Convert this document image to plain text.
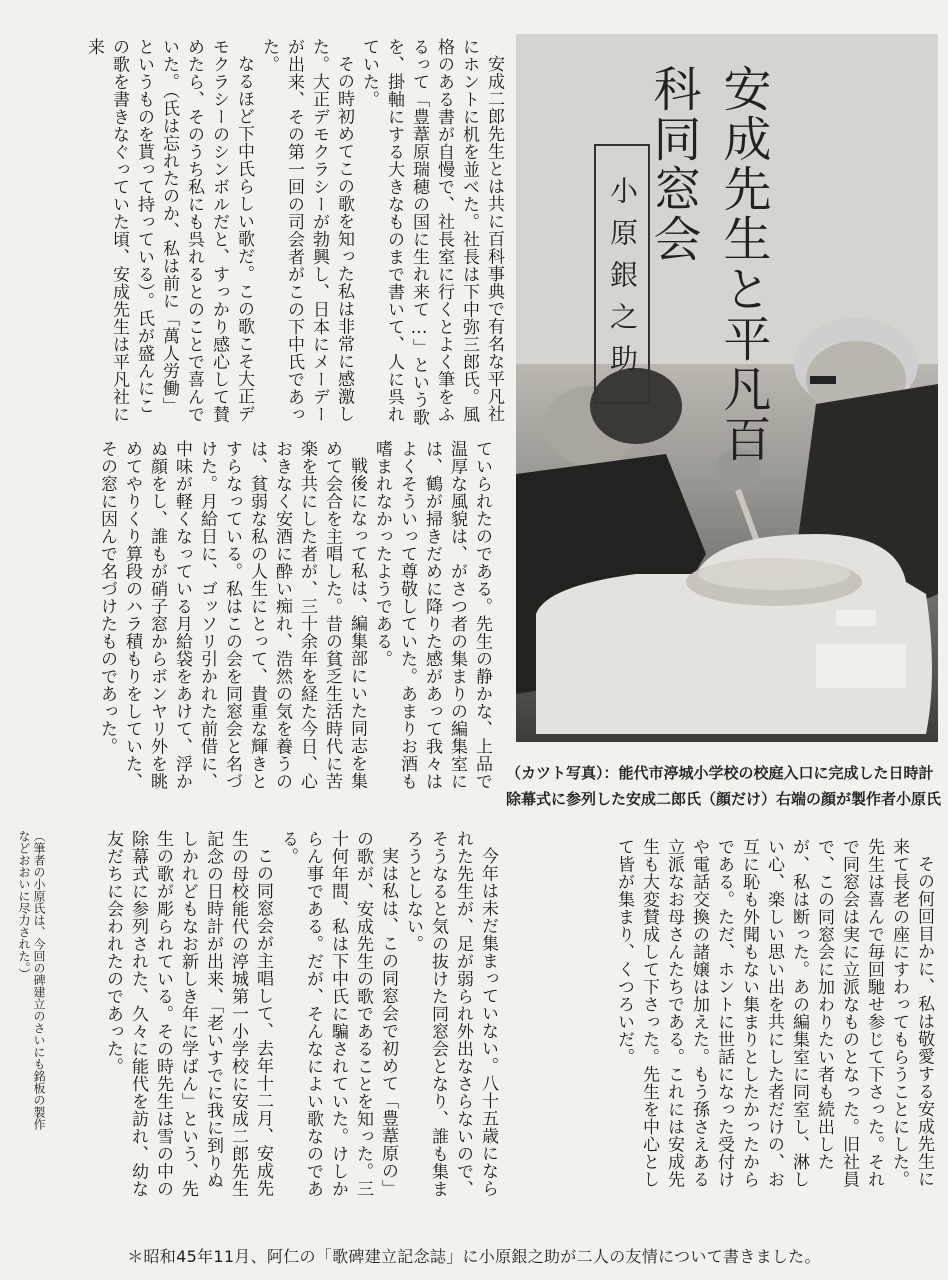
安成二郎先生とは共に百科事典で有名な平凡社にホントに机を並べた。社長は下中弥三郎氏。風格のある書が自慢で、社長室に行くとよく筆をふるって「豊葦原瑞穂の国に生れ来て…」という歌を、掛軸にする大きなものまで書いて、人に呉れていた。

その時初めてこの歌を知った私は非常に感激した。大正デモクラシーが勃興し、日本にメーデーが出来、その第一回の司会者がこの下中氏であった。

なるほど下中氏らしい歌だ。この歌こそ大正デモクラシーのシンボルだと、すっかり感心して賛めたら、そのうち私にも呉れるとのことで喜んでいた。（氏は忘れたのか、私は前に「萬人労働」というものを貰って持っている）。氏が盛んにこの歌を書きなぐっていた頃、安成先生は平凡社に来

ていられたのである。先生の静かな、上品で温厚な風貌は、がさつ者の集まりの編集室には、鶴が掃きだめに降りた感があって我々はよくそういって尊敬していた。あまりお酒も嗜まれなかったようである。

戦後になって私は、編集部にいた同志を集めて会合を主唱した。昔の貧乏生活時代に苦楽を共にした者が、三十余年を経た今日、心おきなく安酒に酔い痴れ、浩然の気を養うのは、貧弱な私の人生にとって、貴重な輝きとすらなっている。私はこの会を同窓会と名づけた。月給日に、ゴッソリ引かれた前借に、中味が軽くなっている月給袋をあけて、浮かぬ顔をし、誰もが硝子窓からボンヤリ外を眺めてやりくり算段のハラ積もりをしていた、その窓に因んで名づけたものであった。

安成先生と平凡百科同窓会
小原銀之助
（カツト写真）：能代市渟城小学校の校庭入口に完成した日時計
除幕式に参列した安成二郎氏（顔だけ）右端の顔が製作者小原氏

その何回目かに、私は敬愛する安成先生に来て長老の座にすわってもらうことにした。先生は喜んで毎回馳せ参じて下さった。それで同窓会は実に立派なものとなった。旧社員で、この同窓会に加わりたい者も続出したが、私は断った。あの編集室に同室し、淋しい心、楽しい思い出を共にした者だけの、お互に恥も外聞もない集まりとしたかったからである。ただ、ホントに世話になった受付けや電話交換の諸嬢は加えた。もう孫さえある立派なお母さんたちである。これには安成先生も大変賛成して下さった。先生を中心として皆が集まり、くつろいだ。

今年は未だ集まっていない。八十五歳になられた先生が、足が弱られ外出なさらないので、そうなると気の抜けた同窓会となり、誰も集まろうとしない。

実は私は、この同窓会で初めて「豊葦原の」の歌が、安成先生の歌であることを知った。三十何年間、私は下中氏に騙されていた。けしからん事である。だが、そんなによい歌なのである。

この同窓会が主唱して、去年十二月、安成先生の母校能代の渟城第一小学校に安成二郎先生記念の日時計が出来、「老いすでに我に到りぬ しかれどもなお新しき年に学ばん」という、先生の歌が彫られている。その時先生は雪の中の除幕式に参列された、久々に能代を訪れ、幼な友だちに会われたのであった。

（筆者の小原氏は、今回の碑建立のさいにも銘板の製作などおおいに尽力された。）

＊昭和45年11月、阿仁の「歌碑建立記念誌」に小原銀之助が二人の友情について書きました。
